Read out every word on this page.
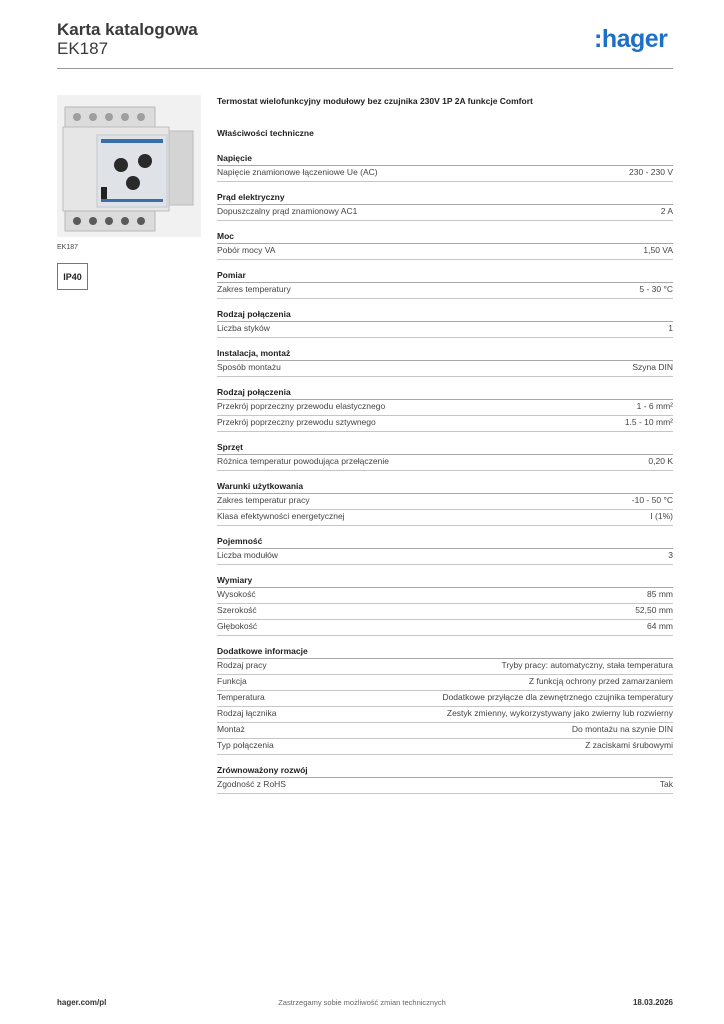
Karta katalogowa
EK187	:hager
EK187
IP40
Termostat wielofunkcyjny modułowy bez czujnika 230V 1P 2A funkcje Comfort
Właściwości techniczne
Napięcie
Napięcie znamionowe łączeniowe Ue (AC)	230 - 230 V
Prąd elektryczny
Dopuszczalny prąd znamionowy AC1	2 A
Moc
Pobór mocy VA	1,50 VA
Pomiar
Zakres temperatury	5 - 30 °C
Rodzaj połączenia
Liczba styków	1
Instalacja, montaż
Sposób montażu	Szyna DIN
Rodzaj połączenia
Przekrój poprzeczny przewodu elastycznego	1 - 6 mm²
Przekrój poprzeczny przewodu sztywnego	1.5 - 10 mm²
Sprzęt
Różnica temperatur powodująca przełączenie	0,20 K
Warunki użytkowania
Zakres temperatur pracy	-10 - 50 °C
Klasa efektywności energetycznej	I (1%)
Pojemność
Liczba modułów	3
Wymiary
Wysokość	85 mm
Szerokość	52,50 mm
Głębokość	64 mm
Dodatkowe informacje
Rodzaj pracy	Tryby pracy: automatyczny, stała temperatura
Funkcja	Z funkcją ochrony przed zamarzaniem
Temperatura	Dodatkowe przyłącze dla zewnętrznego czujnika temperatury
Rodzaj łącznika	Zestyk zmienny, wykorzystywany jako zwierny lub rozwierny
Montaż	Do montażu na szynie DIN
Typ połączenia	Z zaciskami śrubowymi
Zrównoważony rozwój
Zgodność z RoHS	Tak
hager.com/pl	Zastrzegamy sobie możliwość zmian technicznych	18.03.2026
